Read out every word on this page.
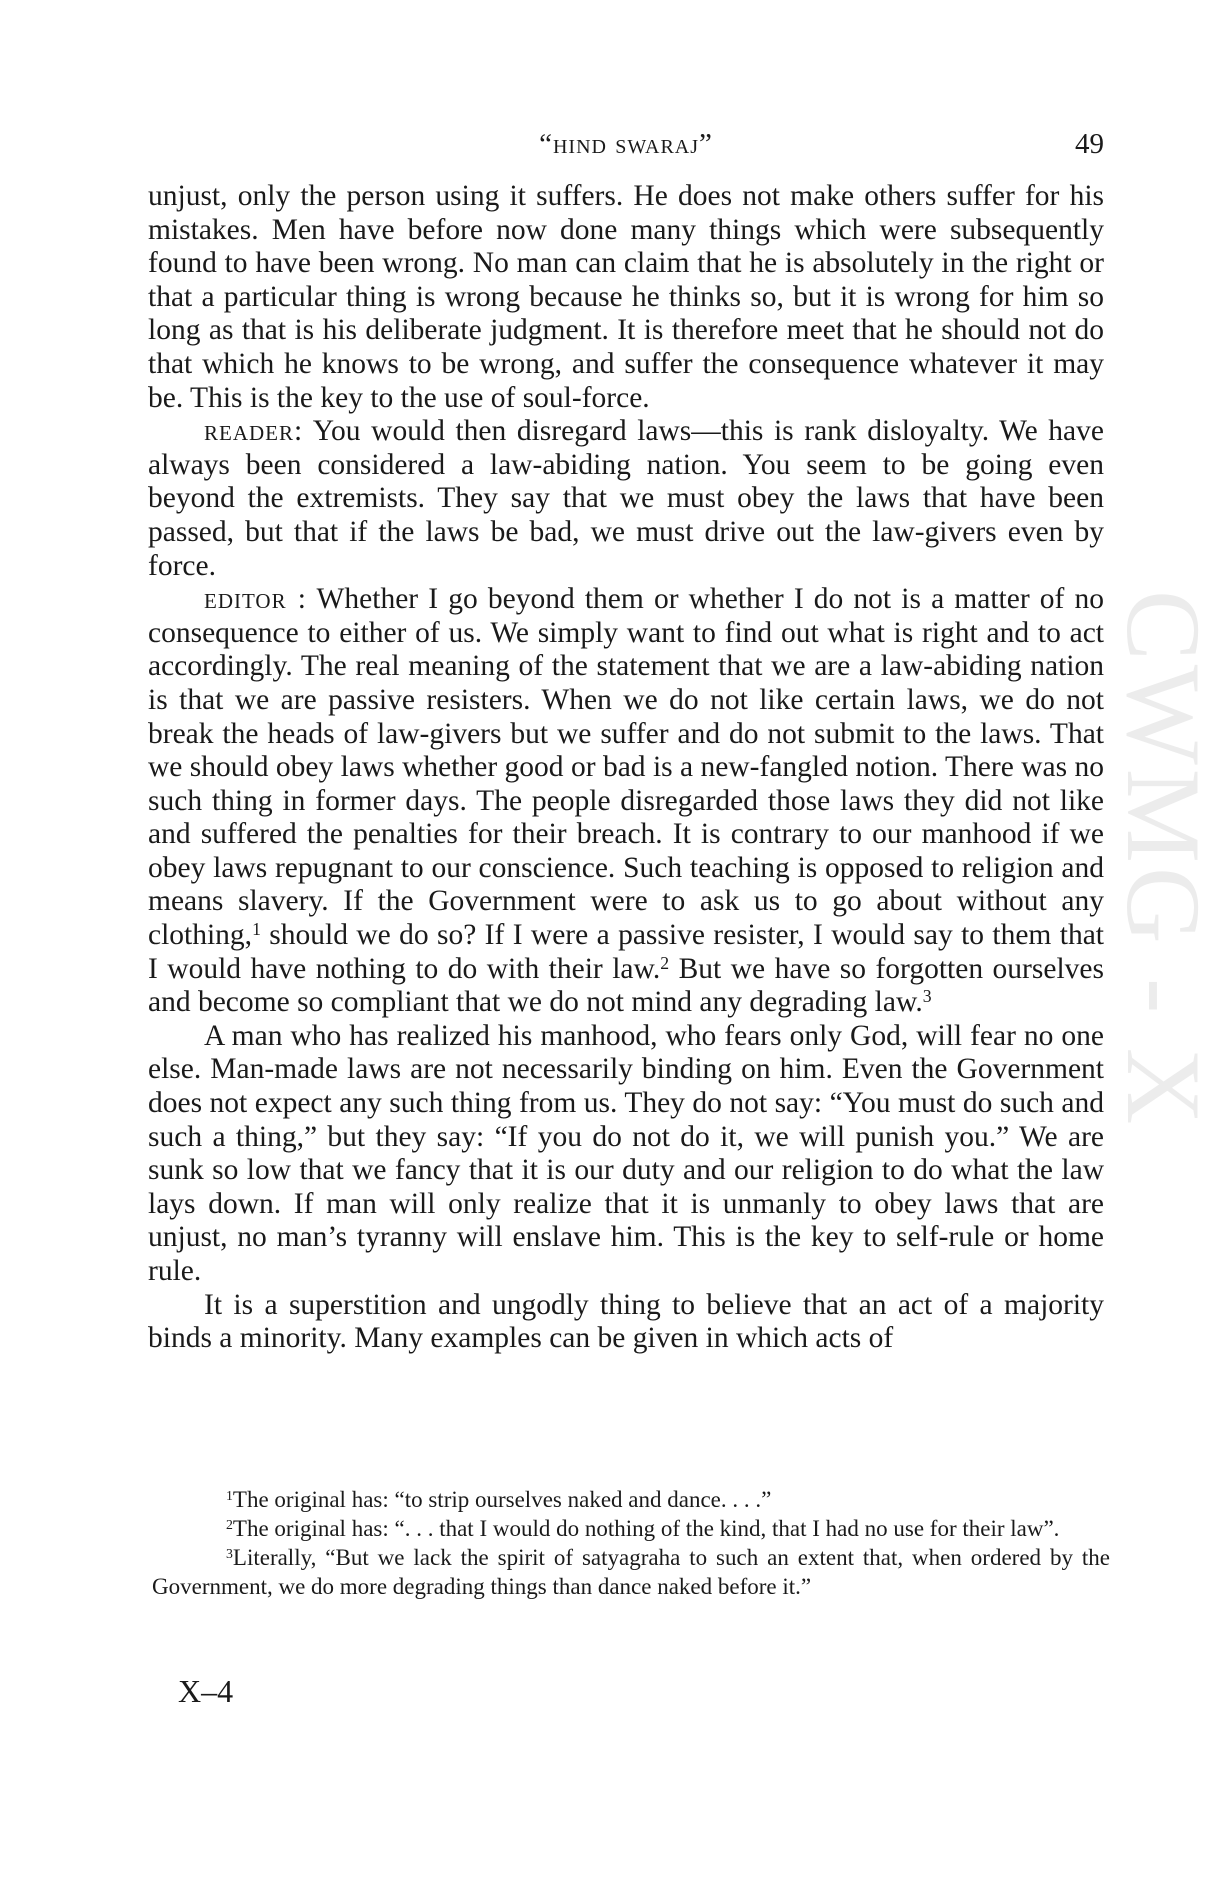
CWMG - X
“hind swaraj”	49

unjust, only the person using it suffers. He does not make others suffer for his mistakes. Men have before now done many things which were subsequently found to have been wrong. No man can claim that he is absolutely in the right or that a particular thing is wrong because he thinks so, but it is wrong for him so long as that is his deliberate judgment. It is therefore meet that he should not do that which he knows to be wrong, and suffer the consequence whatever it may be. This is the key to the use of soul-force.

reader: You would then disregard laws—this is rank disloyalty. We have always been considered a law-abiding nation. You seem to be going even beyond the extremists. They say that we must obey the laws that have been passed, but that if the laws be bad, we must drive out the law-givers even by force.

editor : Whether I go beyond them or whether I do not is a matter of no consequence to either of us. We simply want to find out what is right and to act accordingly. The real meaning of the statement that we are a law-abiding nation is that we are passive resisters. When we do not like certain laws, we do not break the heads of law-givers but we suffer and do not submit to the laws. That we should obey laws whether good or bad is a new-fangled notion. There was no such thing in former days. The people disregarded those laws they did not like and suffered the penalties for their breach. It is contrary to our manhood if we obey laws repugnant to our conscience. Such teaching is opposed to religion and means slavery. If the Government were to ask us to go about without any clothing,$^1$ should we do so? If I were a passive resister, I would say to them that I would have nothing to do with their law.$^2$ But we have so forgotten ourselves and become so compliant that we do not mind any degrading law.$^3$

A man who has realized his manhood, who fears only God, will fear no one else. Man-made laws are not necessarily binding on him. Even the Government does not expect any such thing from us. They do not say: “You must do such and such a thing,” but they say: “If you do not do it, we will punish you.” We are sunk so low that we fancy that it is our duty and our religion to do what the law lays down. If man will only realize that it is unmanly to obey laws that are unjust, no man’s tyranny will enslave him. This is the key to self-rule or home rule.

It is a superstition and ungodly thing to believe that an act of a majority binds a minority. Many examples can be given in which acts of

$^1$The original has: “to strip ourselves naked and dance. . . .”

$^2$The original has: “. . . that I would do nothing of the kind, that I had no use for their law”.

$^3$Literally, “But we lack the spirit of satyagraha to such an extent that, when ordered by the Government, we do more degrading things than dance naked before it.”

X–4
